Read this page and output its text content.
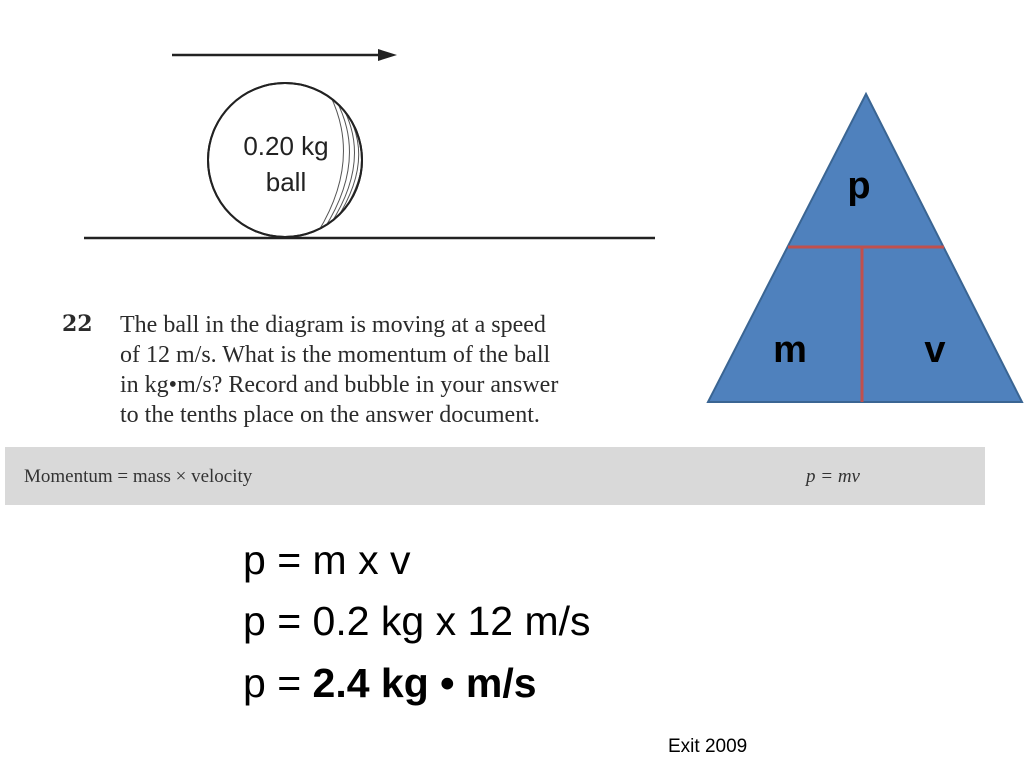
0.20 kg
ball
22 The ball in the diagram is moving at a speed
of 12 m/s. What is the momentum of the ball
in kg•m/s? Record and bubble in your answer
to the tenths place on the answer document.
Momentum = mass × velocity	p = mv
p
m	v
p = m x v
p = 0.2 kg x 12 m/s
p = 2.4 kg • m/s
Exit 2009
